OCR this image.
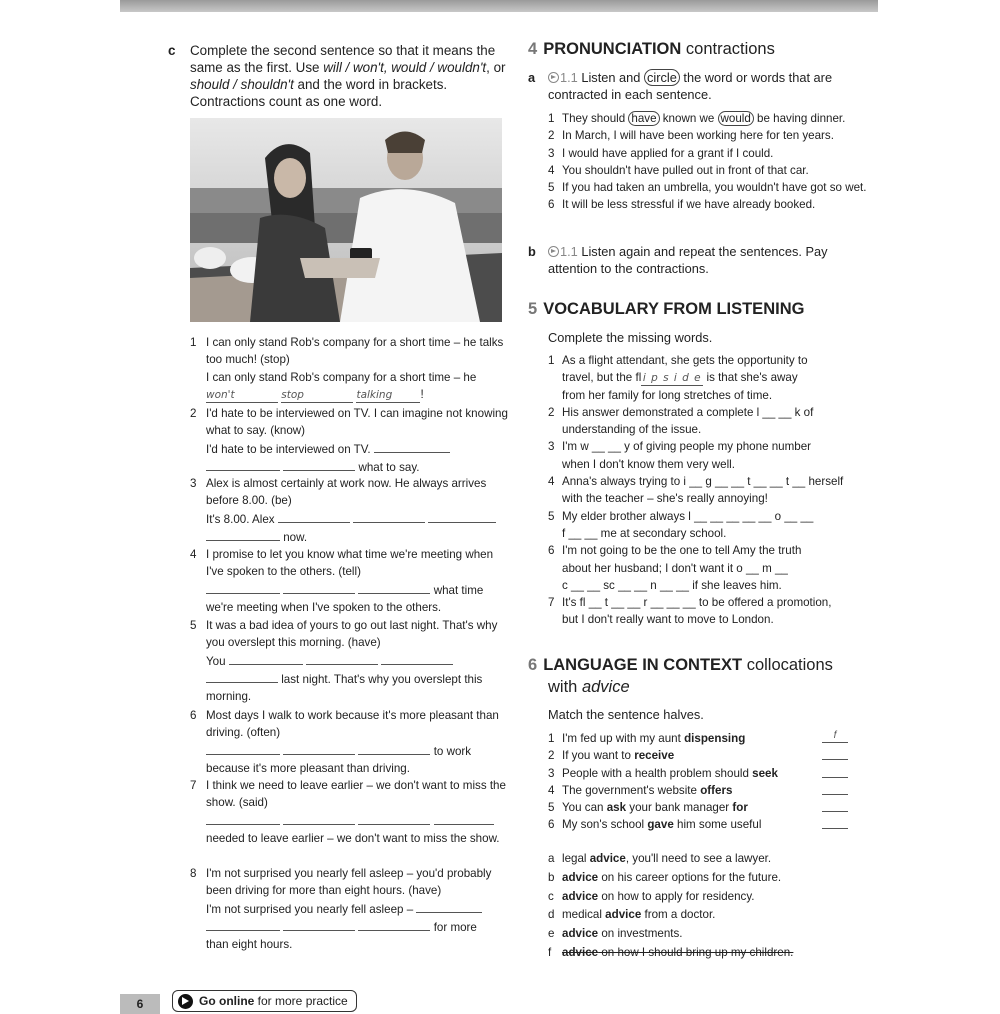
c Complete the second sentence so that it means the same as the first. Use will / won't, would / wouldn't, or should / shouldn't and the word in brackets. Contractions count as one word.
1 I can only stand Rob's company for a short time – he talks too much! (stop)
I can only stand Rob's company for a short time – he
won't	stop	talking !
2 I'd hate to be interviewed on TV. I can imagine not knowing what to say. (know)
I'd hate to be interviewed on TV.
what to say.
3 Alex is almost certainly at work now. He always arrives before 8.00. (be)
It's 8.00. Alex
now.
4 I promise to let you know what time we're meeting when I've spoken to the others. (tell)
what time
we're meeting when I've spoken to the others.
5 It was a bad idea of yours to go out last night. That's why you overslept this morning. (have)
You
last night. That's why you overslept this
morning.
6 Most days I walk to work because it's more pleasant than driving. (often)
to work
because it's more pleasant than driving.
7 I think we need to leave earlier – we don't want to miss the show. (said)

needed to leave earlier – we don't want to miss the show.
8 I'm not surprised you nearly fell asleep – you'd probably been driving for more than eight hours. (have)
I'm not surprised you nearly fell asleep –
for more
than eight hours.
4 PRONUNCIATION contractions
a	1.1 Listen and circle the word or words that are contracted in each sentence.
1 They should have known we would be having dinner.
2 In March, I will have been working here for ten years.
3 I would have applied for a grant if I could.
4 You shouldn't have pulled out in front of that car.
5 If you had taken an umbrella, you wouldn't have got so wet.
6 It will be less stressful if we have already booked.
b	1.1 Listen again and repeat the sentences. Pay attention to the contractions.
5 VOCABULARY FROM LISTENING
Complete the missing words.
1 As a flight attendant, she gets the opportunity to
travel, but the fl i p s i d e is that she's away
from her family for long stretches of time.
2 His answer demonstrated a complete l __ __ k of
understanding of the issue.
3 I'm w __ __ y of giving people my phone number
when I don't know them very well.
4 Anna's always trying to i __ g __ __ t __ __ t __ herself
with the teacher – she's really annoying!
5 My elder brother always l __ __ __ __ __ o __ __
f __ __ me at secondary school.
6 I'm not going to be the one to tell Amy the truth
about her husband; I don't want it o __ m __
c __ __ sc __ __ n __ __ if she leaves him.
7 It's fl __ t __ __ r __ __ __ to be offered a promotion,
but I don't really want to move to London.
6 LANGUAGE IN CONTEXT collocations
with advice
Match the sentence halves.
1 I'm fed up with my aunt dispensing	f
2 If you want to receive
3 People with a health problem should seek
4 The government's website offers
5 You can ask your bank manager for
6 My son's school gave him some useful
a legal advice, you'll need to see a lawyer.
b advice on his career options for the future.
c advice on how to apply for residency.
d medical advice from a doctor.
e advice on investments.
f advice on how I should bring up my children.
6	Go online for more practice
